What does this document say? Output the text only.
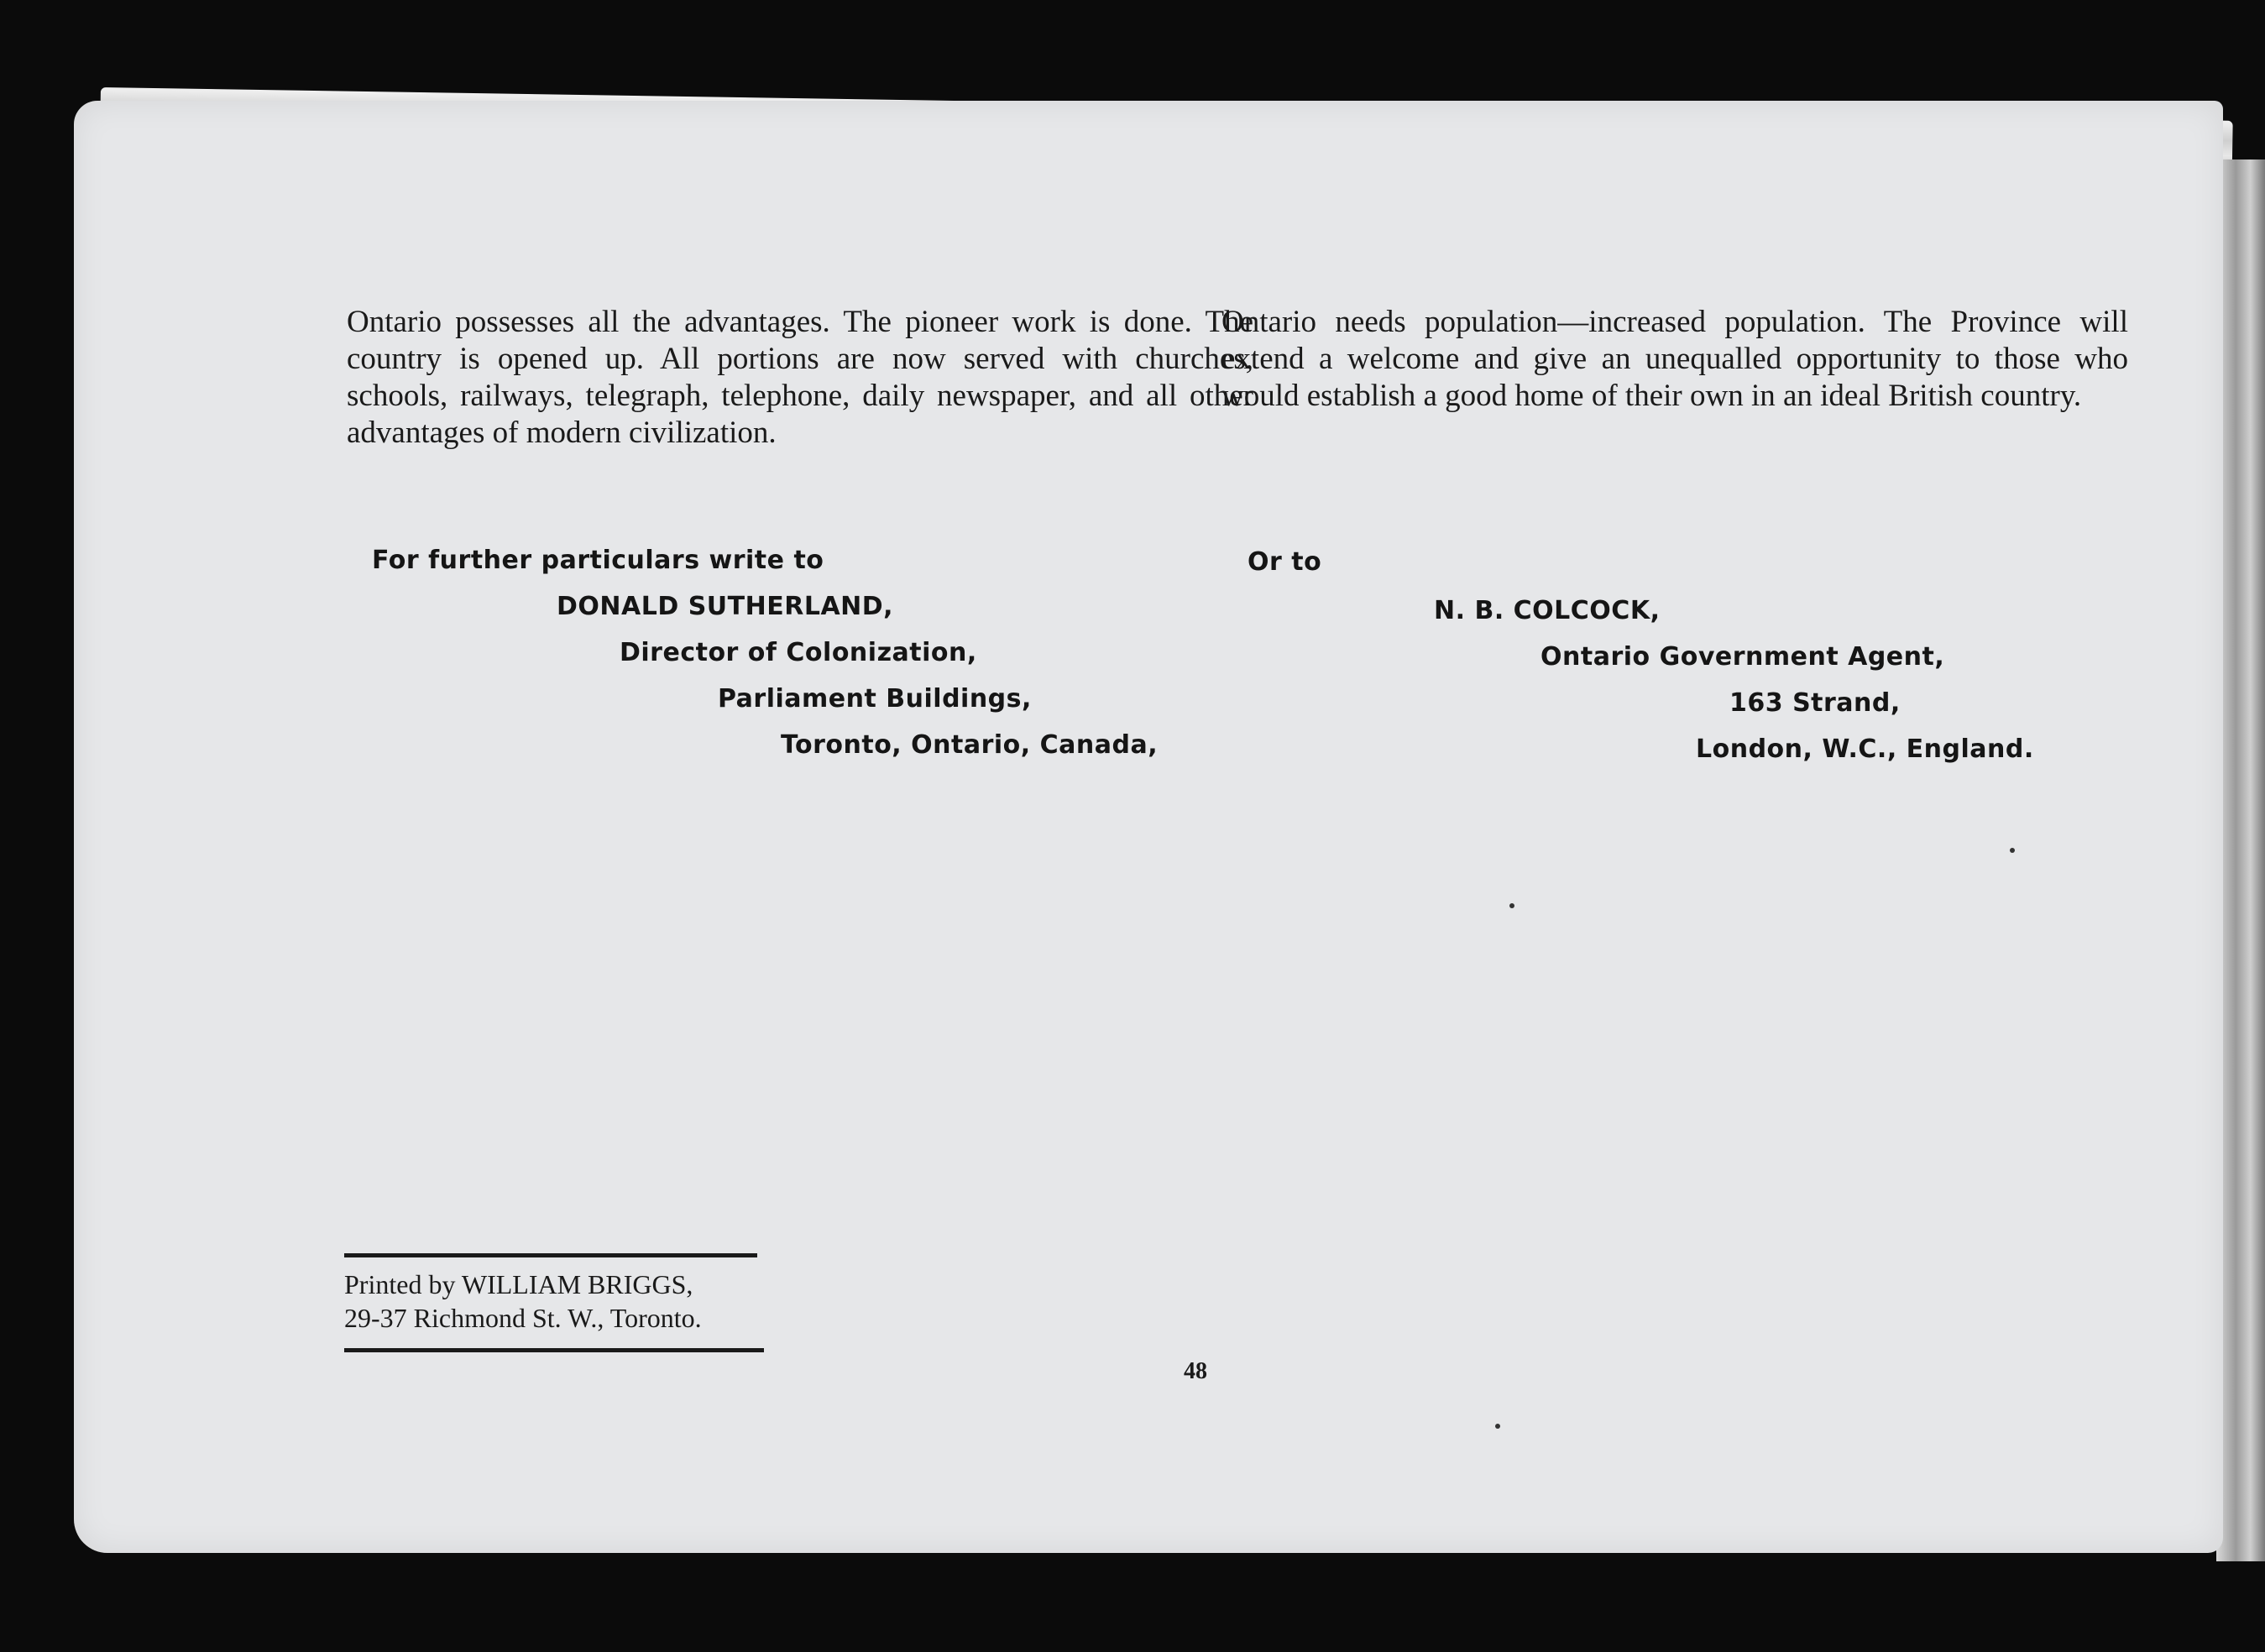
Ontario possesses all the advantages. The pioneer work is done. The country is opened up. All portions are now served with churches, schools, railways, telegraph, telephone, daily newspaper, and all other advantages of modern civilization.

Ontario needs population—increased population. The Province will extend a welcome and give an unequalled opportunity to those who would establish a good home of their own in an ideal British country.

For further particulars write to
DONALD SUTHERLAND,
Director of Colonization,
Parliament Buildings,
Toronto, Ontario, Canada,
Or to
N. B. COLCOCK,
Ontario Government Agent,
163 Strand,
London, W.C., England.
Printed by WILLIAM BRIGGS,
29-37 Richmond St. W., Toronto.
48
